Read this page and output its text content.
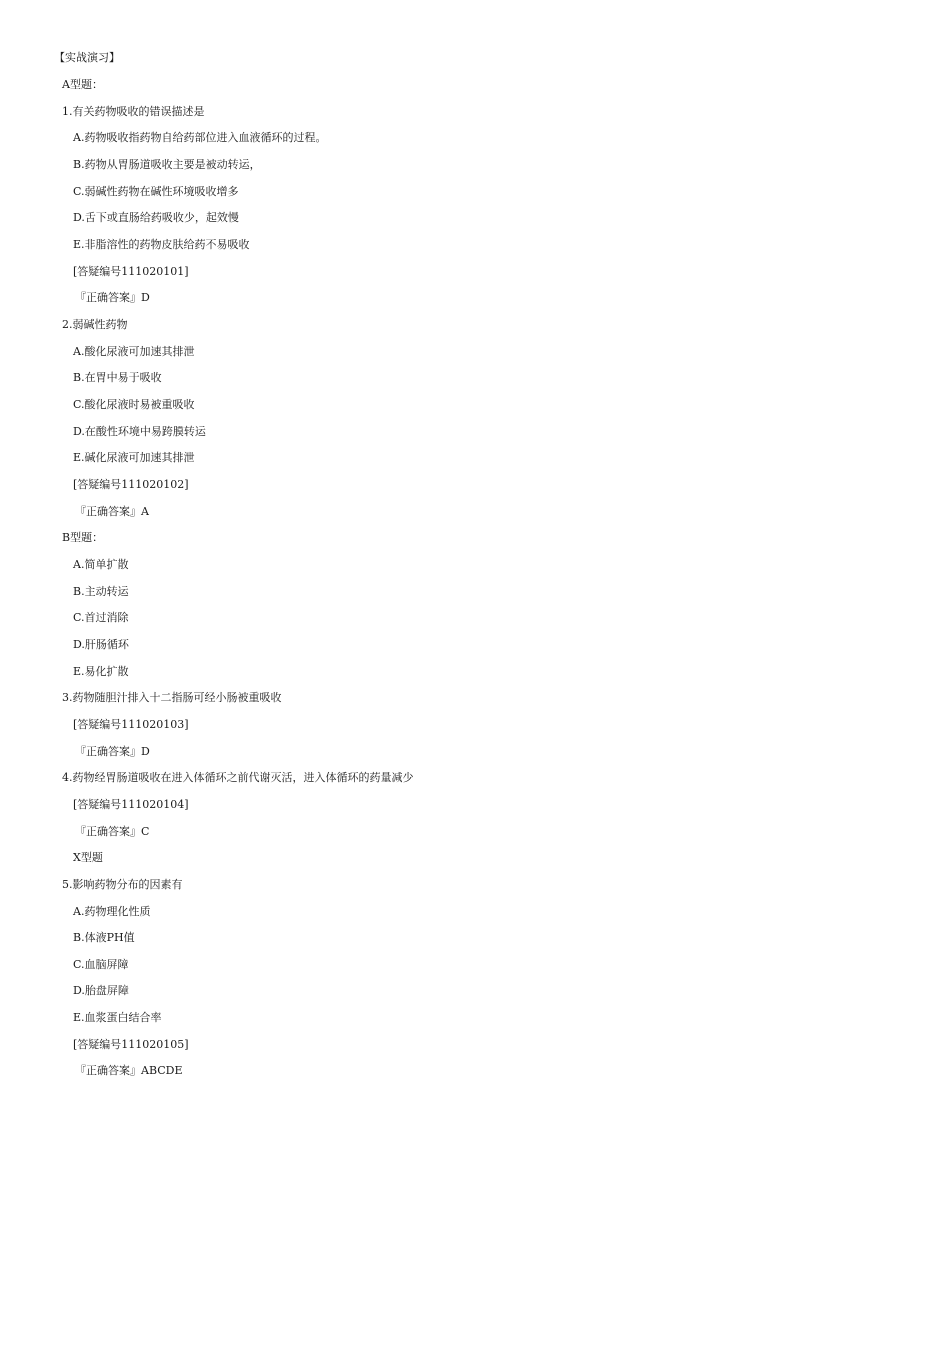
【实战演习】
A型题：
1.有关药物吸收的错误描述是
A.药物吸收指药物自给药部位进入血液循环的过程。
B.药物从胃肠道吸收主要是被动转运，
C.弱碱性药物在碱性环境吸收增多
D.舌下或直肠给药吸收少，起效慢
E.非脂溶性的药物皮肤给药不易吸收
[答疑编号111020101]
『正确答案』D
2.弱碱性药物
A.酸化尿液可加速其排泄
B.在胃中易于吸收
C.酸化尿液时易被重吸收
D.在酸性环境中易跨膜转运
E.碱化尿液可加速其排泄
[答疑编号111020102]
『正确答案』A
B型题：
A.简单扩散
B.主动转运
C.首过消除
D.肝肠循环
E.易化扩散
3.药物随胆汁排入十二指肠可经小肠被重吸收
[答疑编号111020103]
『正确答案』D
4.药物经胃肠道吸收在进入体循环之前代谢灭活，进入体循环的药量减少
[答疑编号111020104]
『正确答案』C
X型题
5.影响药物分布的因素有
A.药物理化性质
B.体液PH值
C.血脑屏障
D.胎盘屏障
E.血浆蛋白结合率
[答疑编号111020105]
『正确答案』ABCDE
